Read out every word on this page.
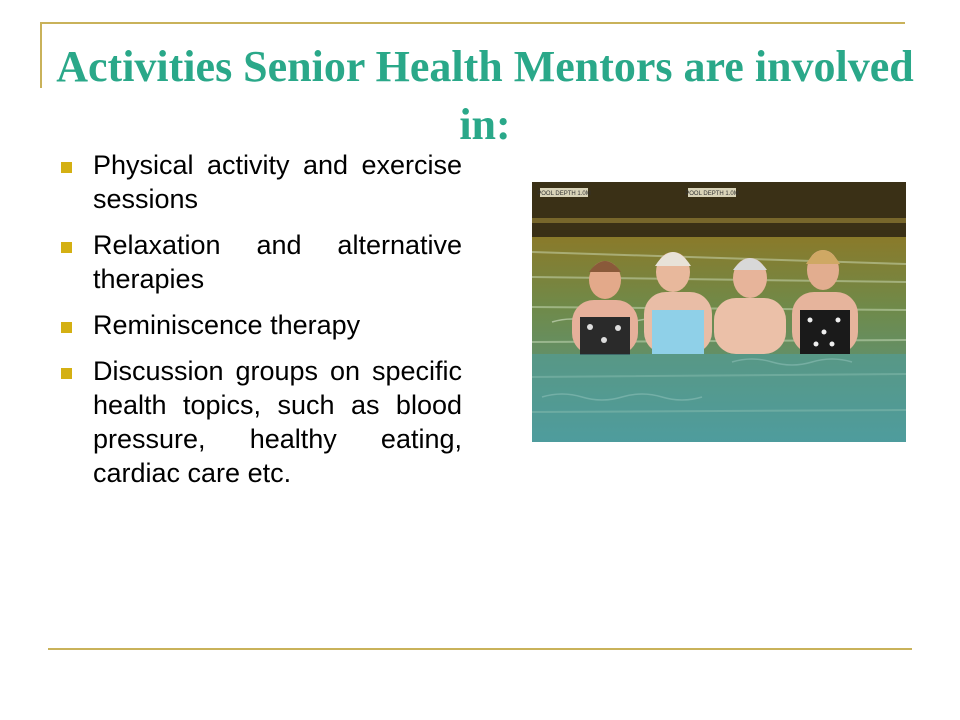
Activities Senior Health Mentors are involved in:
Physical activity and exercise sessions
Relaxation and alternative therapies
Reminiscence therapy
Discussion groups on specific health topics, such as blood pressure, healthy eating, cardiac care etc.
POOL DEPTH 1.0M	POOL DEPTH 1.0M
